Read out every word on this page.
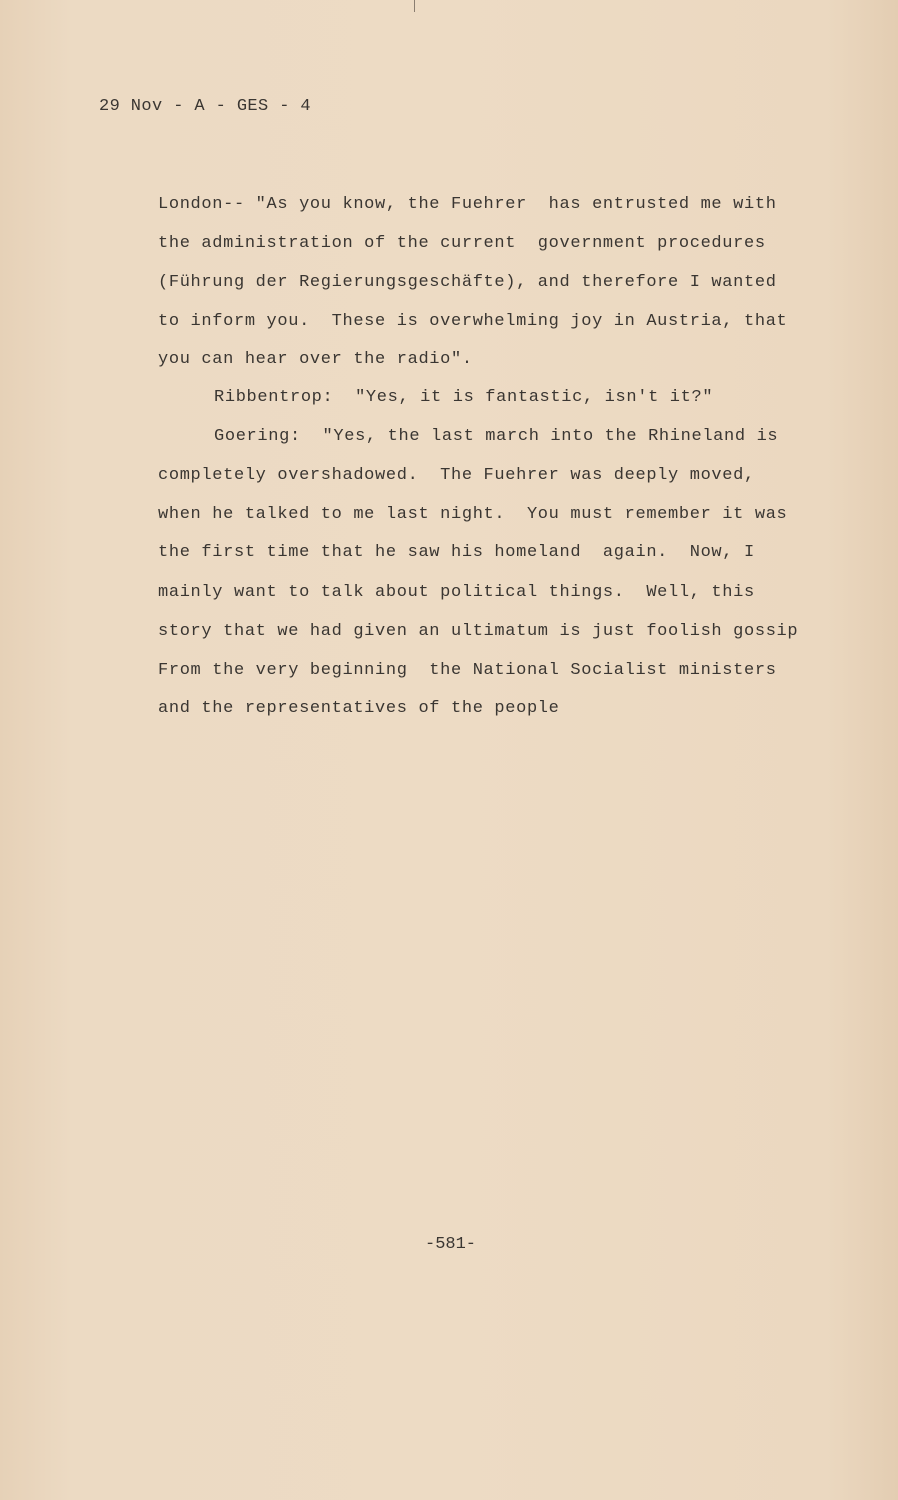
29 Nov - A - GES - 4
London-- "As you know, the Fuehrer  has entrusted me with
the administration of the current  government procedures
(Führung der Regierungsgeschäfte), and therefore I wanted
to inform you.  These is overwhelming joy in Austria, that
you can hear over the radio".
Ribbentrop:  "Yes, it is fantastic, isn't it?"
Goering:  "Yes, the last march into the Rhineland is
completely overshadowed.  The Fuehrer was deeply moved,
when he talked to me last night.  You must remember it was
the first time that he saw his homeland  again.  Now, I
mainly want to talk about political things.  Well, this
story that we had given an ultimatum is just foolish gossip
From the very beginning  the National Socialist ministers
and the representatives of the people
-581-
